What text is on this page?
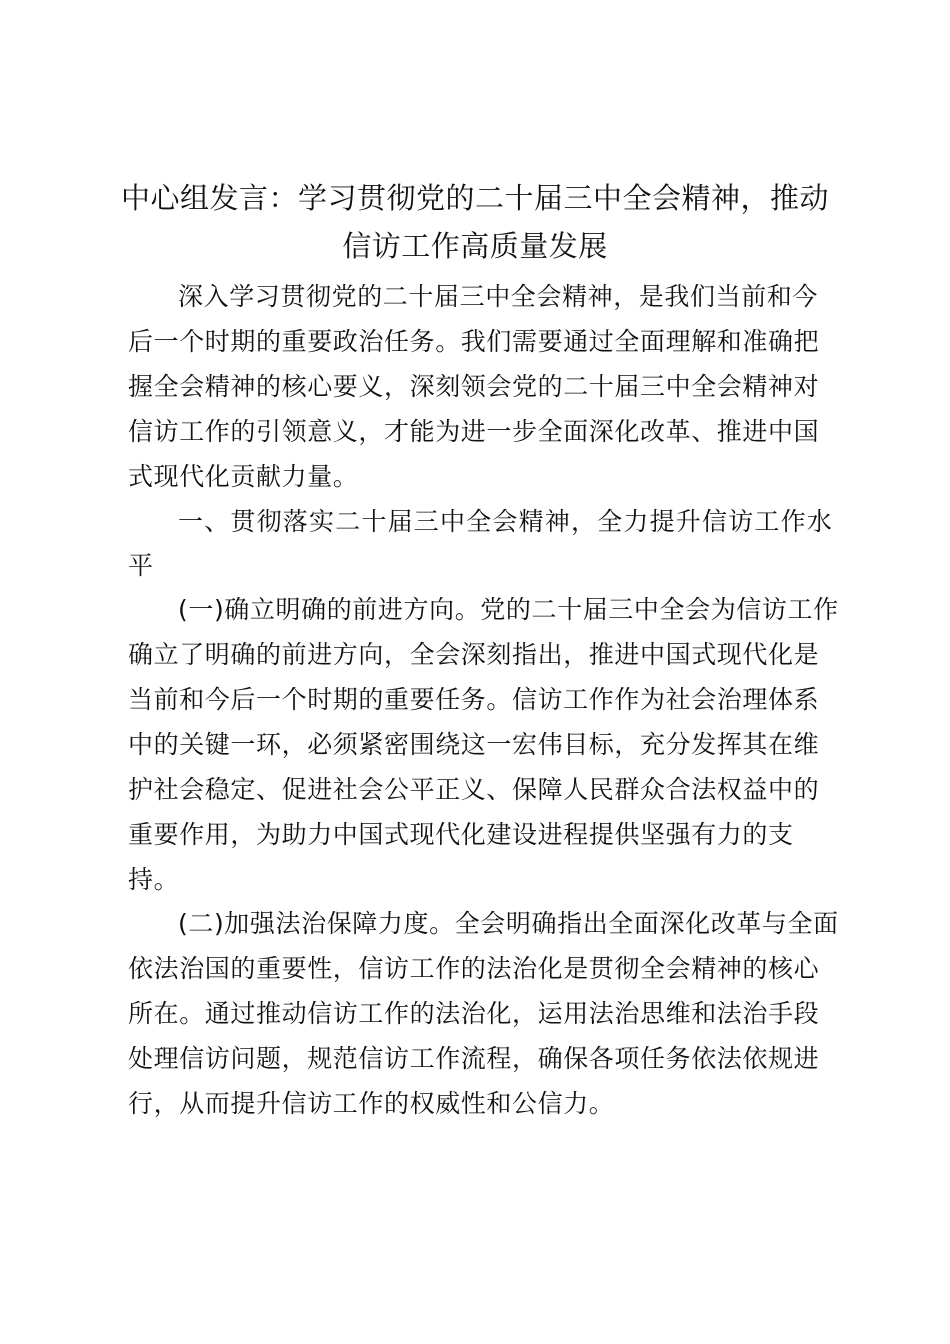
中心组发言：学习贯彻党的二十届三中全会精神，推动
信访工作高质量发展
深入学习贯彻党的二十届三中全会精神，是我们当前和今
后一个时期的重要政治任务。我们需要通过全面理解和准确把
握全会精神的核心要义，深刻领会党的二十届三中全会精神对
信访工作的引领意义，才能为进一步全面深化改革、推进中国
式现代化贡献力量。
一、贯彻落实二十届三中全会精神，全力提升信访工作水
平
(一)确立明确的前进方向。党的二十届三中全会为信访工作
确立了明确的前进方向，全会深刻指出，推进中国式现代化是
当前和今后一个时期的重要任务。信访工作作为社会治理体系
中的关键一环，必须紧密围绕这一宏伟目标，充分发挥其在维
护社会稳定、促进社会公平正义、保障人民群众合法权益中的
重要作用，为助力中国式现代化建设进程提供坚强有力的支
持。
(二)加强法治保障力度。全会明确指出全面深化改革与全面
依法治国的重要性，信访工作的法治化是贯彻全会精神的核心
所在。通过推动信访工作的法治化，运用法治思维和法治手段
处理信访问题，规范信访工作流程，确保各项任务依法依规进
行，从而提升信访工作的权威性和公信力。
